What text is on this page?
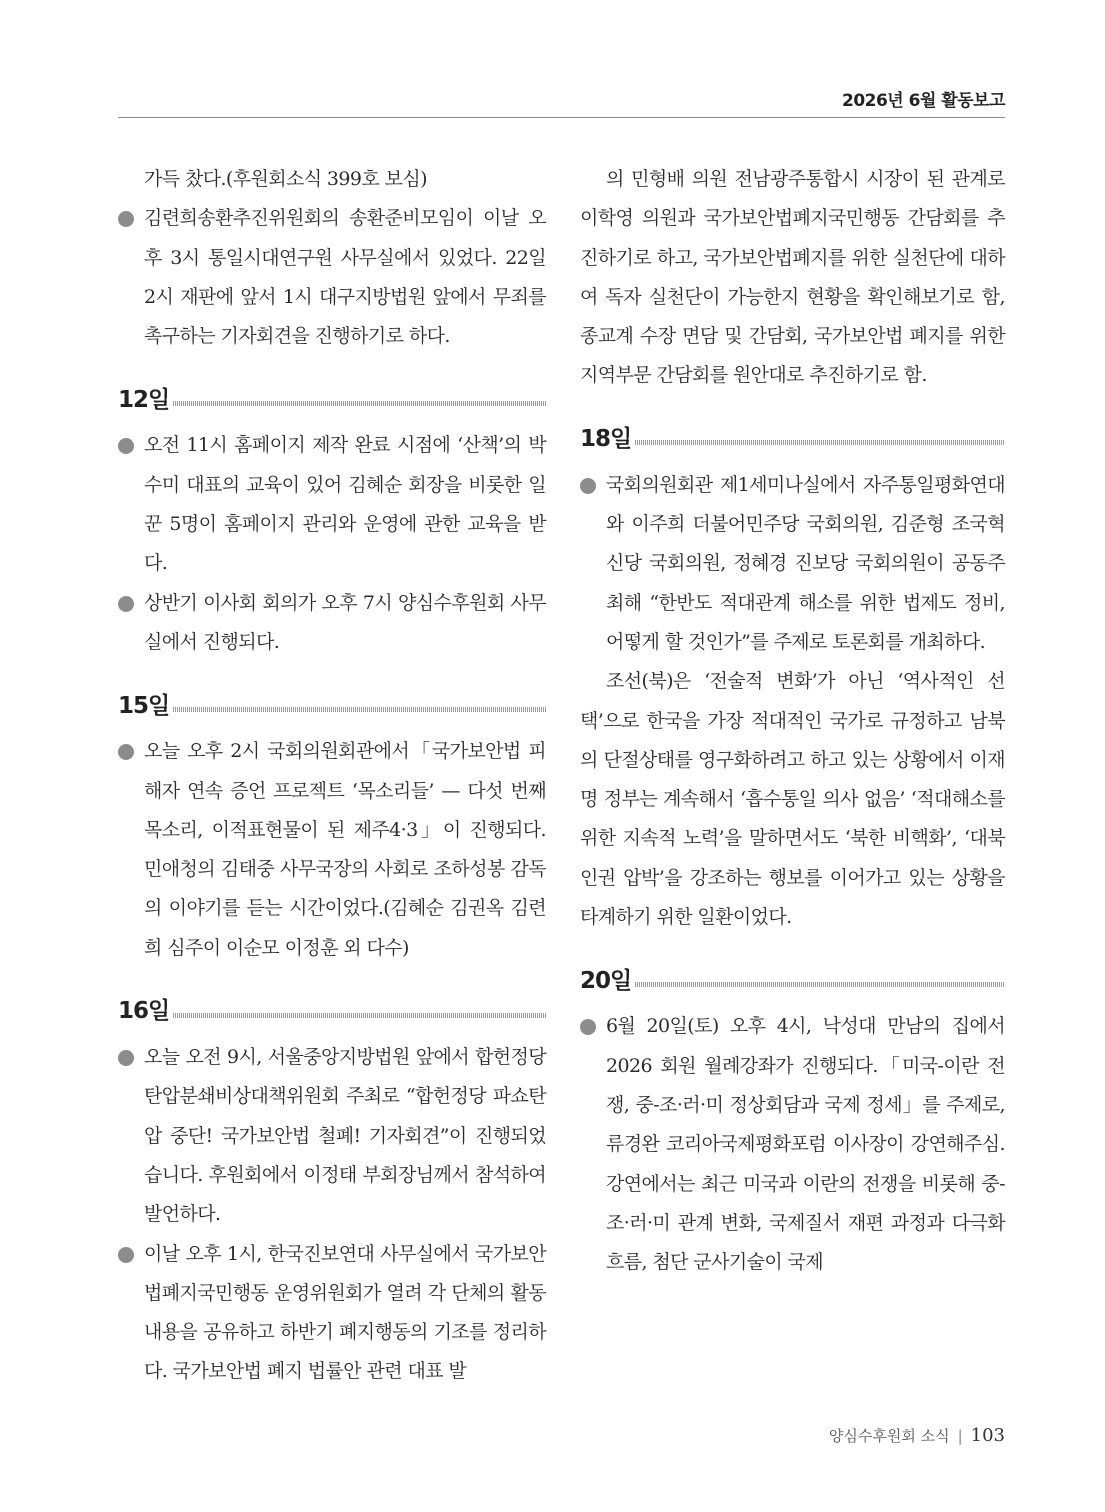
2026년 6월 활동보고

가득 찼다.(후원회소식 399호 보심)

김련희송환추진위원회의 송환준비모임이 이날 오후 3시 통일시대연구원 사무실에서 있었다. 22일 2시 재판에 앞서 1시 대구지방법원 앞에서 무죄를 촉구하는 기자회견을 진행하기로 하다.
12일
오전 11시 홈페이지 제작 완료 시점에 ‘산책’의 박수미 대표의 교육이 있어 김혜순 회장을 비롯한 일꾼 5명이 홈페이지 관리와 운영에 관한 교육을 받다.
상반기 이사회 회의가 오후 7시 양심수후원회 사무실에서 진행되다.
15일
오늘 오후 2시 국회의원회관에서「국가보안법 피해자 연속 증언 프로젝트 ‘목소리들’ — 다섯 번째 목소리, 이적표현물이 된 제주4·3」이 진행되다. 민애청의 김태중 사무국장의 사회로 조하성봉 감독의 이야기를 듣는 시간이었다.(김혜순 김권옥 김련희 심주이 이순모 이정훈 외 다수)
16일
오늘 오전 9시, 서울중앙지방법원 앞에서 합헌정당탄압분쇄비상대책위원회 주최로 “합헌정당 파쇼탄압 중단! 국가보안법 철폐! 기자회견”이 진행되었습니다. 후원회에서 이정태 부회장님께서 참석하여 발언하다.
이날 오후 1시, 한국진보연대 사무실에서 국가보안법폐지국민행동 운영위원회가 열려 각 단체의 활동내용을 공유하고 하반기 폐지행동의 기조를 정리하다. 국가보안법 폐지 법률안 관련 대표 발

의 민형배 의원 전남광주통합시 시장이 된 관계로 이학영 의원과 국가보안법폐지국민행동 간담회를 추진하기로 하고, 국가보안법폐지를 위한 실천단에 대하여 독자 실천단이 가능한지 현황을 확인해보기로 함, 종교계 수장 면담 및 간담회, 국가보안법 폐지를 위한 지역부문 간담회를 원안대로 추진하기로 함.

18일
국회의원회관 제1세미나실에서 자주통일평화연대와 이주희 더불어민주당 국회의원, 김준형 조국혁신당 국회의원, 정혜경 진보당 국회의원이 공동주최해 “한반도 적대관계 해소를 위한 법제도 정비, 어떻게 할 것인가”를 주제로 토론회를 개최하다.

조선(북)은 ‘전술적 변화’가 아닌 ‘역사적인 선택’으로 한국을 가장 적대적인 국가로 규정하고 남북의 단절상태를 영구화하려고 하고 있는 상황에서 이재명 정부는 계속해서 ‘흡수통일 의사 없음’ ‘적대해소를 위한 지속적 노력’을 말하면서도 ‘북한 비핵화’, ‘대북인권 압박’을 강조하는 행보를 이어가고 있는 상황을 타계하기 위한 일환이었다.

20일
6월 20일(토) 오후 4시, 낙성대 만남의 집에서 2026 회원 월례강좌가 진행되다.「미국-이란 전쟁, 중-조·러·미 정상회담과 국제 정세」를 주제로, 류경완 코리아국제평화포럼 이사장이 강연해주심. 강연에서는 최근 미국과 이란의 전쟁을 비롯해 중-조·러·미 관계 변화, 국제질서 재편 과정과 다극화 흐름, 첨단 군사기술이 국제
양심수후원회 소식 | 103
